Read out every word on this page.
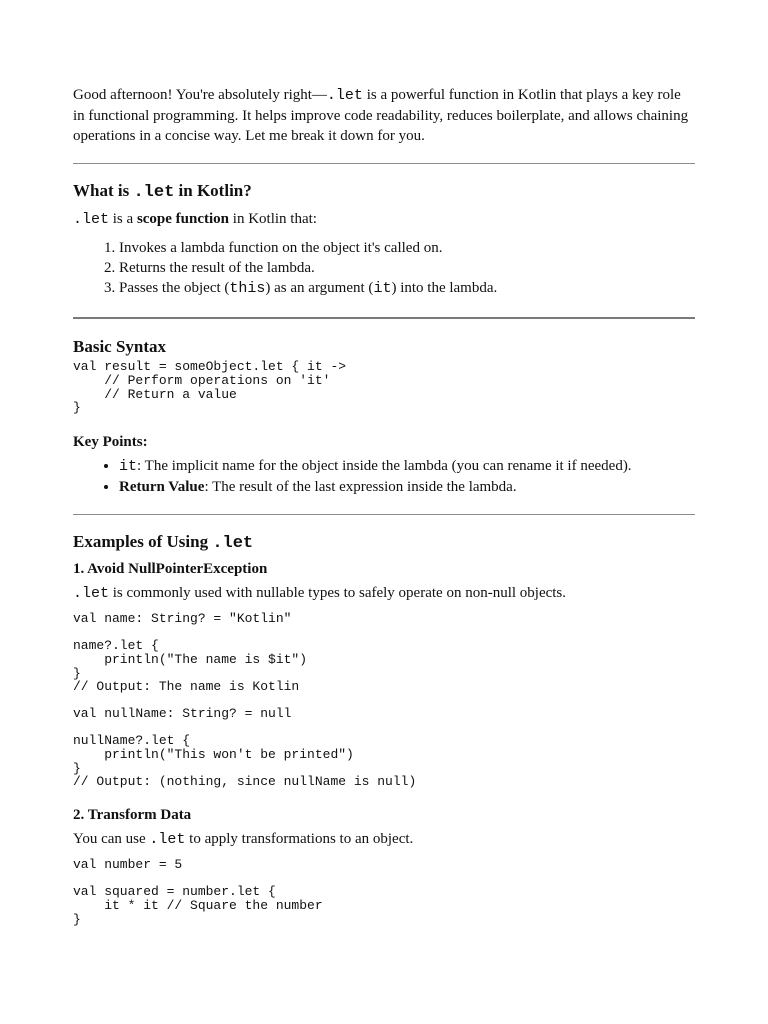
Good afternoon! You're absolutely right—.let is a powerful function in Kotlin that plays a key role in functional programming. It helps improve code readability, reduces boilerplate, and allows chaining operations in a concise way. Let me break it down for you.

What is .let in Kotlin?

.let is a scope function in Kotlin that:

1. Invokes a lambda function on the object it's called on.
2. Returns the result of the lambda.
3. Passes the object (this) as an argument (it) into the lambda.
Basic Syntax
val result = someObject.let { it ->
// Perform operations on 'it'
// Return a value
}
Key Points:
• it: The implicit name for the object inside the lambda (you can rename it if needed).
• Return Value: The result of the last expression inside the lambda.
Examples of Using .let
1. Avoid NullPointerException

.let is commonly used with nullable types to safely operate on non-null objects.

val name: String? = "Kotlin"
name?.let {
println("The name is $it")
}
// Output: The name is Kotlin
val nullName: String? = null
nullName?.let {
println("This won't be printed")
}
// Output: (nothing, since nullName is null)
2. Transform Data

You can use .let to apply transformations to an object.

val number = 5
val squared = number.let {
it * it // Square the number
}
